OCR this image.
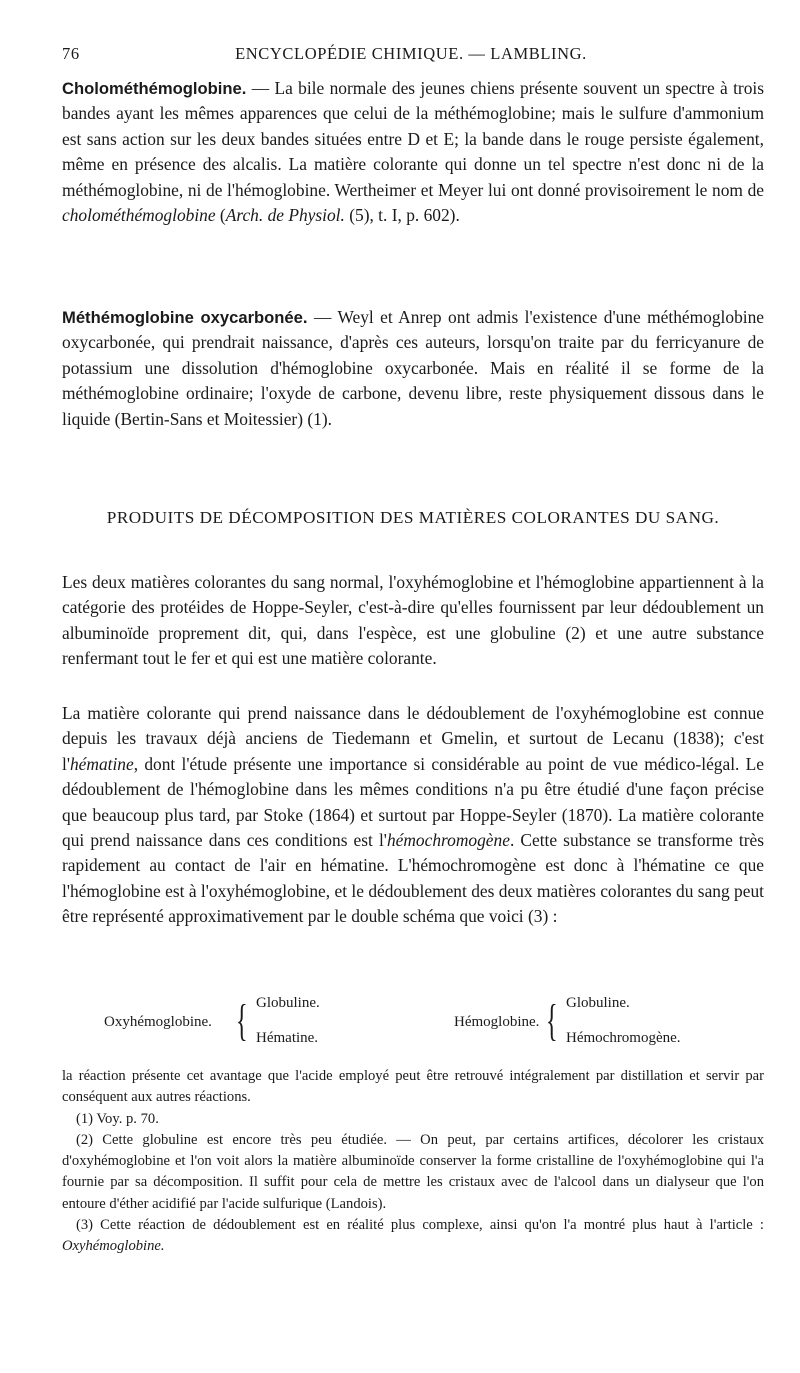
76	ENCYCLOPÉDIE CHIMIQUE. — LAMBLING.

Cholométhémoglobine. — La bile normale des jeunes chiens présente souvent un spectre à trois bandes ayant les mêmes apparences que celui de la méthémoglobine; mais le sulfure d'ammonium est sans action sur les deux bandes situées entre D et E; la bande dans le rouge persiste également, même en présence des alcalis. La matière colorante qui donne un tel spectre n'est donc ni de la méthémoglobine, ni de l'hémoglobine. Wertheimer et Meyer lui ont donné provisoirement le nom de cholométhémoglobine (Arch. de Physiol. (5), t. I, p. 602).

Méthémoglobine oxycarbonée. — Weyl et Anrep ont admis l'existence d'une méthémoglobine oxycarbonée, qui prendrait naissance, d'après ces auteurs, lorsqu'on traite par du ferricyanure de potassium une dissolution d'hémoglobine oxycarbonée. Mais en réalité il se forme de la méthémoglobine ordinaire; l'oxyde de carbone, devenu libre, reste physiquement dissous dans le liquide (Bertin-Sans et Moitessier) (1).

PRODUITS DE DÉCOMPOSITION DES MATIÈRES COLORANTES DU SANG.

Les deux matières colorantes du sang normal, l'oxyhémoglobine et l'hémoglobine appartiennent à la catégorie des protéides de Hoppe-Seyler, c'est-à-dire qu'elles fournissent par leur dédoublement un albuminoïde proprement dit, qui, dans l'espèce, est une globuline (2) et une autre substance renfermant tout le fer et qui est une matière colorante.

La matière colorante qui prend naissance dans le dédoublement de l'oxyhémoglobine est connue depuis les travaux déjà anciens de Tiedemann et Gmelin, et surtout de Lecanu (1838); c'est l'hématine, dont l'étude présente une importance si considérable au point de vue médico-légal. Le dédoublement de l'hémoglobine dans les mêmes conditions n'a pu être étudié d'une façon précise que beaucoup plus tard, par Stoke (1864) et surtout par Hoppe-Seyler (1870). La matière colorante qui prend naissance dans ces conditions est l'hémochromogène. Cette substance se transforme très rapidement au contact de l'air en hématine. L'hémochromogène est donc à l'hématine ce que l'hémoglobine est à l'oxyhémoglobine, et le dédoublement des deux matières colorantes du sang peut être représenté approximativement par le double schéma que voici (3) :

Oxyhémoglobine. { Globuline.
Hématine.
Hémoglobine. { Globuline.
Hémochromogène.

la réaction présente cet avantage que l'acide employé peut être retrouvé intégralement par distillation et servir par conséquent aux autres réactions.

(1) Voy. p. 70.

(2) Cette globuline est encore très peu étudiée. — On peut, par certains artifices, décolorer les cristaux d'oxyhémoglobine et l'on voit alors la matière albuminoïde conserver la forme cristalline de l'oxyhémoglobine qui l'a fournie par sa décomposition. Il suffit pour cela de mettre les cristaux avec de l'alcool dans un dialyseur que l'on entoure d'éther acidifié par l'acide sulfurique (Landois).

(3) Cette réaction de dédoublement est en réalité plus complexe, ainsi qu'on l'a montré plus haut à l'article : Oxyhémoglobine.
